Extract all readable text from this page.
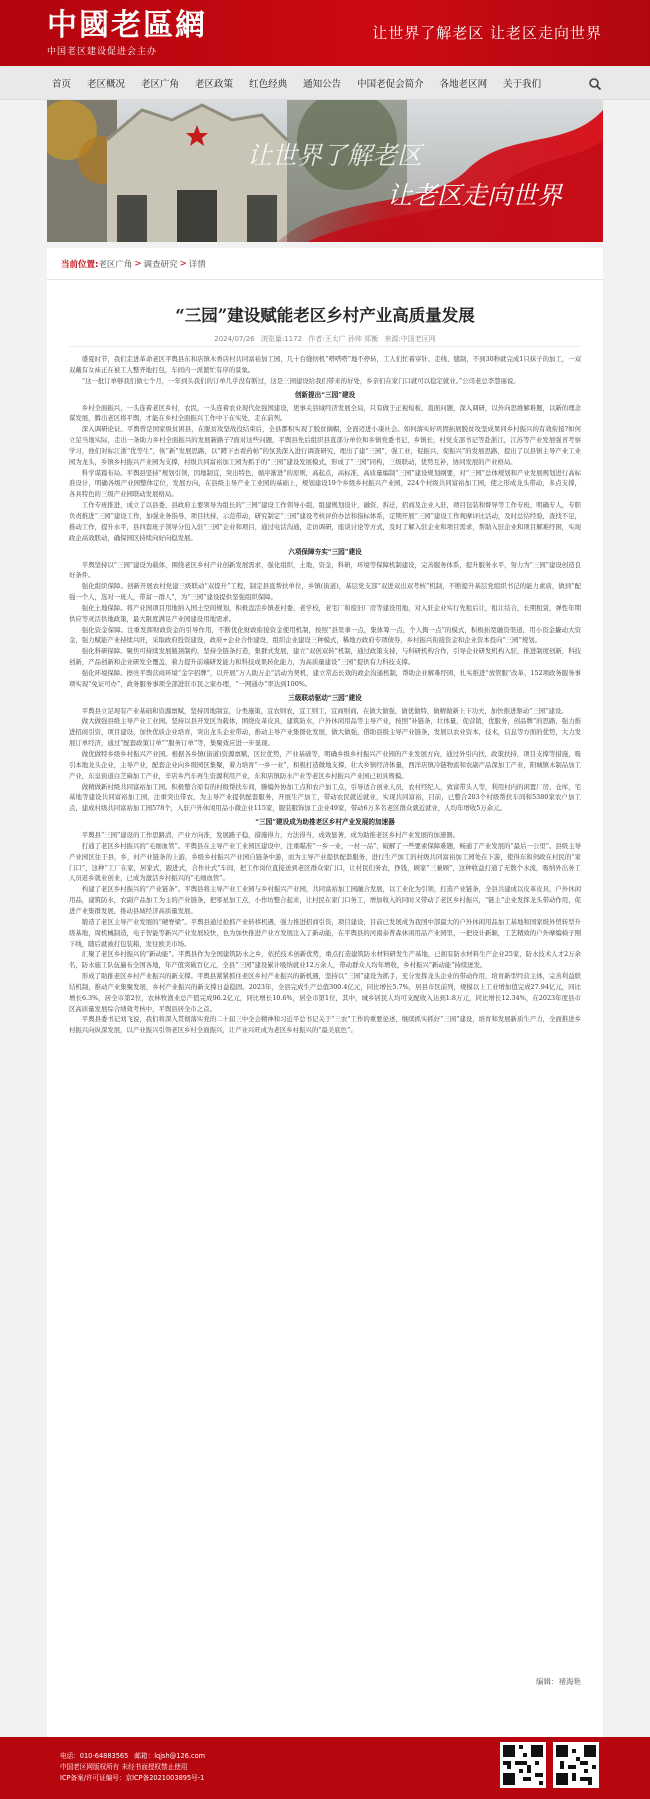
中國老區網
中国老区建设促进会主办
让世界了解老区 让老区走向世界
首页 老区概况 老区广角 老区政策 红色经典 通知公告 中国老促会简介 各地老区网 关于我们
让世界了解老区
让老区走向世界
当前位置: 老区广角 > 调查研究 > 详情
“三园”建设赋能老区乡村产业高质量发展
2024/07/26 浏览量:1172 作者:王太广 孙帅 郑衡 来源:中国老区网

盛夏时节，我们走进革命老区平舆县东和店镇木香店村共同富裕加工园，几十台缝纫机“嗒嗒嗒”地不停转，工人们忙着穿针、走线、缝制，不到30秒就完成1只抹子的加工，一双双戴有女袜正在被工人整齐地打包，车间内一派繁忙有序的景象。

“这一批订单够我们做七个月，一年到头我们的订单几乎没有断过，这是三园建设给我们带来的好处，乡亲们在家门口就可以稳定就业。”公司老总李慧丽说。

创新提出“三园”建设

乡村全面振兴，一头连着老区乡村，农民，一头连着农业现代化强国建设，更事关县域经济发展全局，只有做于正视短板，直面问题，深入调研，以外向思维解难题，以新的理念谋发展，腾出老区将平舆，才能在乡村全面振兴工作中干在实处，走在前列。

深入调研论证。平舆曾是国家级贫困县，在脱贫攻坚战役结束后，全县都积实现了脱贫摘帽，全面迈进小康社会。如何落实好巩固拓展脱贫攻坚成果同乡村振兴的有效衔接?如何立足当地实际，走出一条助力乡村全面振兴的发展新路子?面对这些问题，平舆县先后组织县直部分单位和乡镇党委书记，乡镇长，村党支部书记等赴浙江，江苏等产业发展强省考察学习，他们对标江浙“优等生”，恢“新”发展思路，以“蹲下去看药帖”的氛劲深入进行调查研究，理出了建“三园”，强工业，促振兴，促振兴”的发展思路，提出了以县镇主导产业工业园为龙头，乡镇乡村振兴产业园为支撑，村级共同富裕加工园为抓手的“三园”建设发展模式，形成了“三园”同构，三级联动，优势互补，协同发展的产业格局。

科学谋篇布局。平舆县坚持“规划引领，因地制宜，突出特色，循序渐进”的原则，高起点，高标准，高质量编制“三园”建设规划纲要，对“三园”总体规划和产业发展规划进行高标准设计，明确各级产业园整体定位，发展方向，在县级主导产业工业园的基础上，规划建设19个乡级乡村振兴产业园，224个村级共同富裕加工园，使之形成龙头带动，多点支撑，各具特色的三级产业园联动发展格局。

工作专班推进，成立了以县委，县政府主要领导为组长的“三园”建设工作领导小组，组建规划设计，融资，拆迁，招商及企业入驻，项目包装和督导等工作专班，明确专人，专职负责推进“三园”建设工作，加强业务指导，项目扶持，示范带动，研究制定“三园”建设考核评价办法和指标体系，定期开展“三园”建设工作观摩评比活动，及时总结经验，查找不足，推动工作，提升水平，县四套班子领导分包入驻“三园”企业和项目，通过电话沟通，走访调研，座谈讨论等方式，及时了解入驻企业和项目需求，帮助入驻企业和项目解难纾困，实现政企高效联动，确保园区持续向好向稳发展。

六项保障夯实“三园”建设

平舆坚持以“三园”建设为载体，围绕老区乡村产业创新发展需求，强化组织，土地，资金，科研，环境等保障机制建设，完善服务体系，提升服务水平，努力为“三园”建设创造良好条件。

强化组织保障。创新开展农村党建三级联动“双提升”工程，制定县直帮扶单位，乡镇(街道)，基层党支部“双进双出双考核”机制，不断提升基层党组织书记的能力素质，做到“配强一个人，选对一班人，带富一群人”，为“三园”建设提供坚强组织保障。

强化土地保障。将产业园项目用地纳入国土空间规划，积极盘活乡镇老村委，老学校，老宅厂和废旧厂房等建设用地，对入驻企业实行先租后让，租让结合，长期租赁，弹性年期供应等灵活供地政策，最大限度满足产业园建设用地需求。

强化资金保障。注重发挥财政资金的引导作用，不断优化财政衔接资金使用机制，按照“县里拿一点，集体筹一点，个人掏一点”的模式，积极拓宽融资渠道，用小资金撬动大资金，强力赋能产业持续兴旺，采取政府投资建设，政府+企业合作建设，组织企业建设三种模式，稀地方政府专项债券，乡村振兴衔接资金和企业资本投向“三园”规划。

强化科研保障。聚焦可持续发展瓶颈制约，坚持全链条打造，集群式发展，建立“双创双转”机制，通过政策支持，与科研机构合作，引导企业研发机构入驻，推进制度创新，科技创新，产品创新和企业研发全覆盖，着力提升前端研发能力和科技成果转化能力，为高质量建设“三园”提供有力科技支撑。

强化环境保障。擦亮平舆营商环境“金字招牌”，以开展“万人助万企”活动为契机，建立常态长效的政企沟通机制，帮助企业解难纾困，扎实推进“放管服”改革，152项政务服务事项实现“免证可办”，政务服务事项全部进驻市民之家办理，“一网通办”率达到100%。

三级联动驱动“三园”建设

平舆县立足现有产业基础和资源禀赋，坚持因地制宜，分类施策，宜农则农，宜工则工，宜商则商，在做大做强，做优做特，做精做新上下功夫，加快推进驱动“三园”建设。

做大做强县级主导产业工业园。坚持以县开发区为载体，围绕皮革皮具，建筑防水，户外休闲用品等主导产业，按照“补链条，壮体量，促营销，优服务，创品牌”的思路，强力推进招商引资，项目建设，加快优质企业培育，突出龙头企业带动，推动主导产业集群化发展，做大做强，借助县级主导产业链条，发展以农业资本，技术，信息等方面的优势，大力发展订单经济，通过“配套政策订单”“服务订单”等，集聚效应进一步显现。

做优做特乡级乡村振兴产业园。根据各乡镇(街道)资源禀赋，区位优势，产业基础等，明确乡级乡村振兴产业园的产业发展方向，通过外引内扶，政策扶持，项目支撑等措施，吸引本地龙头企业，主导产业，配套企业向乡级园区集聚，着力培育“一乡一业”，积极打造微地支撑，壮大乡镇经济体量，西洋店镇冷链物流和农副产品深加工产业，阳城镇木制品加工产业，东皇街道白芝麻加工产业，辛店乡汽车再生资源利用产业，东和店镇防水产业等老区乡村振兴产业园已初具规模。

做精做新村级共同富裕加工园。积极整合原有的村级帮扶车间，滕编外协加工点和农户加工点，引导适合创业人员，农村经纪人，致富带头人等，利用村内的闲置厂房，仓库，宅基地等建设共同富裕加工园，注重突出带农，为主导产业提供配套服务，开展生产加工，带动农民就近就业，实现共同富裕，目前，已整合203个村级帮扶车间和5380家农户加工点，建成村级共同富裕加工园578个，入驻户外休闲用品小微企业115家，服装服饰加工企业49家，带动6万多名老区群众就近就业，人均年增收5万余元。

“三园”建设成为助推老区乡村产业发展的加速器

平舆县“三园”建设的工作思路清，产业方向准，发展路子稳，措施得力，方法得当，成效显著，成为助推老区乡村产业发展的加速器。

打通了老区乡村振兴的“毛细血管”。平舆县在主导产业工业园区建设中，注重瞄准“一乡一业，一村一品”，破解了一些要素保障难题，畅通了产业发展的“最后一公里”。县级主导产业园区往于县，乡，村产业链条的上游，乡级乡村振兴产业园自链条中游，而为主导产业提供配套服务，进行生产加工的村级共同富裕加工园处在下游，使得东和剑政在村民的“家门口”，这种“工厂在家，居家式，跟进式，合作社式”车间，把工作岗位直接送到老区群众家门口，让村民们务农，挣钱，顾家“三兼顾”，这种收益打通了无数个水流，吸纳外出务工人员返乡就业创业，已成为激活乡村振兴的“毛细血管”。

构建了老区乡村振兴的“产业链条”。平舆县将主导产业工业园与乡村振兴产业园，共同富裕加工园融合发展，以工业化为引领，打造产业链条，全县共建成以皮革皮具，户外休闲用品，建筑防水，农副产品加工为主的产业链条，把零星加工点，小作坊整合起来，让村民在家门口务工，增加收入的同时又带动了老区乡村振兴，“链主”企业发挥龙头带动作用，促进产业集群发展，推动县域经济高质量发展。

锻造了老区主导产业发展的“硬脊梁”。平舆县通过抢抓产业转移机遇，强力推进招商引资，项目建设，目前已发展成为我国中部最大的户外休闲用品加工基地和国家级外贸转型升级基地，周机械制造，电子智能等新兴产业发展较快，也为加快推进产业方发展注入了新动能，在平舆县的河南泰普森休闲用品产业园里，一把设计新颖，工艺精致的户外摩编椅子刚下线，随后就被打包装箱，发往欧美市场。

汇聚了老区乡村振兴的“新动能”。平舆县作为全国建筑防水之乡，依托技术创新优势，重点打造建筑防水材料研发生产基地，已拥有防水材料生产企业25家，防水技术人才2万余名，防水施工队伍遍布全国各地，年产值突破百亿元，全县“三园”建设累计吸纳就业12万余人，带动群众人均年增收，乡村振兴“新动能”持续迸发。

形成了助推老区乡村产业振兴的新支撑。平舆县紧紧抓住老区乡村产业振兴的新机遇，坚持以“三园”建设为抓手，充分发挥龙头企业的带动作用，培育新型经营主体，完善利益联结机制，推动产业集聚发展，乡村产业振兴的新支撑日益稳固。2023年，全县完成生产总值300.4亿元，同比增长5.7%，居县市区前列，规模以上工业增加值完成27.94亿元，同比增长6.3%，居全市第2位，农林牧渔业总产值完成96.2亿元，同比增长10.6%，居全市第1位，其中，城乡居民人均可支配收入达到1.8万元，同比增长12.34%，在2023年度县市区高质量发展综合绩效考核中，平舆县居全市之首。

平舆县委书记刘飞说，我们将深入贯彻落实党的二十届三中全会精神和习近平总书记关于“三农”工作的重要论述，继续抓实抓好“三园”建设，培育和发展新质生产力，全面推进乡村振兴向纵深发展，以产业振兴引领老区乡村全面振兴，让产业兴旺成为老区乡村振兴的“最美底色”。

编辑：褚海艳
电话：010-64883565 邮箱：lqjsh@126.com
中国老区网版权所有 未经书面授权禁止使用
ICP备案/许可证编号：京ICP备2021003895号-1
